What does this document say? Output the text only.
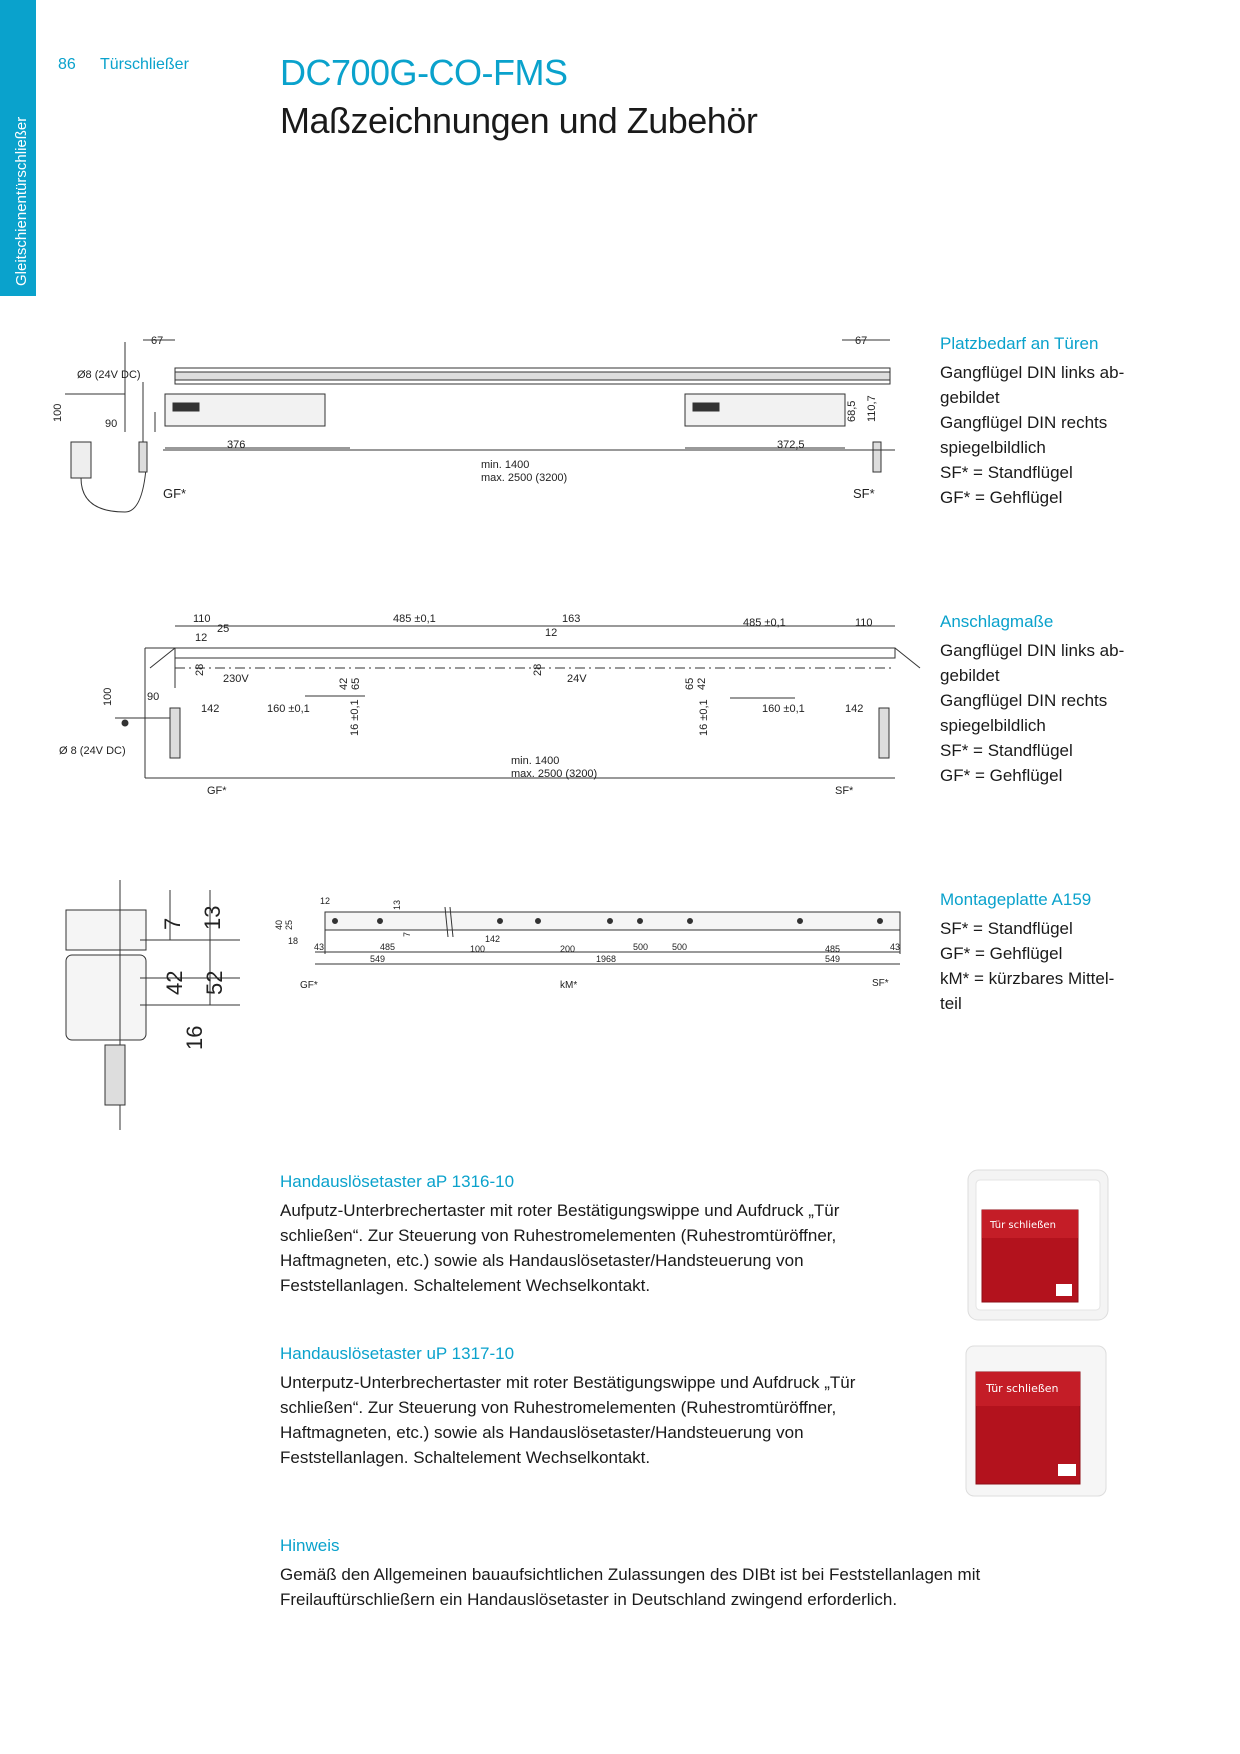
Gleitschienentürschließer
86 Türschließer	DC700G-CO-FMS
Maßzeichnungen und Zubehör
67	67
Ø8 (24V DC)
100
90
376	372,5
min. 1400
max. 2500 (3200)
GF*	SF*
68,5 110,7
110	485 ±0,1	163	485 ±0,1	110
25
12	12
28	28
230V	24V
42 65	65 42
100	90
142	160 ±0,1	160 ±0,1	142
16 ±0,1	16 ±0,1
Ø 8 (24V DC)
min. 1400
max. 2500 (3200)
GF*	SF*
7 13
42 52
16
12	13
40 25
7
18
43	485
549
142
100	200	500	500
1968
485	43
549
GF*	kM*	SF*
Platzbedarf an Türen
Gangflügel DIN links ab-
gebildet
Gangflügel DIN rechts
spiegelbildlich
SF* = Standflügel
GF* = Gehflügel
Anschlagmaße
Gangflügel DIN links ab-
gebildet
Gangflügel DIN rechts
spiegelbildlich
SF* = Standflügel
GF* = Gehflügel
Montageplatte A159
SF* = Standflügel
GF* = Gehflügel
kM* = kürzbares Mittel-
teil
Handauslösetaster aP 1316-10

Aufputz-Unterbrechertaster mit roter Bestätigungswippe und Aufdruck „Tür schließen“. Zur Steuerung von Ruhestromelementen (Ruhestromtüröffner, Haftmagneten, etc.) sowie als Handauslösetaster/Handsteuerung von Feststellanlagen. Schaltelement Wechselkontakt.

Tür schließen
Handauslösetaster uP 1317-10

Unterputz-Unterbrechertaster mit roter Bestätigungswippe und Aufdruck „Tür schließen“. Zur Steuerung von Ruhestromelementen (Ruhestromtüröffner, Haftmagneten, etc.) sowie als Handauslösetaster/Handsteuerung von Feststellanlagen. Schaltelement Wechselkontakt.

Tür schließen
Hinweis

Gemäß den Allgemeinen bauaufsichtlichen Zulassungen des DIBt ist bei Feststellanlagen mit Freilauftürschließern ein Handauslösetaster in Deutschland zwingend erforderlich.
